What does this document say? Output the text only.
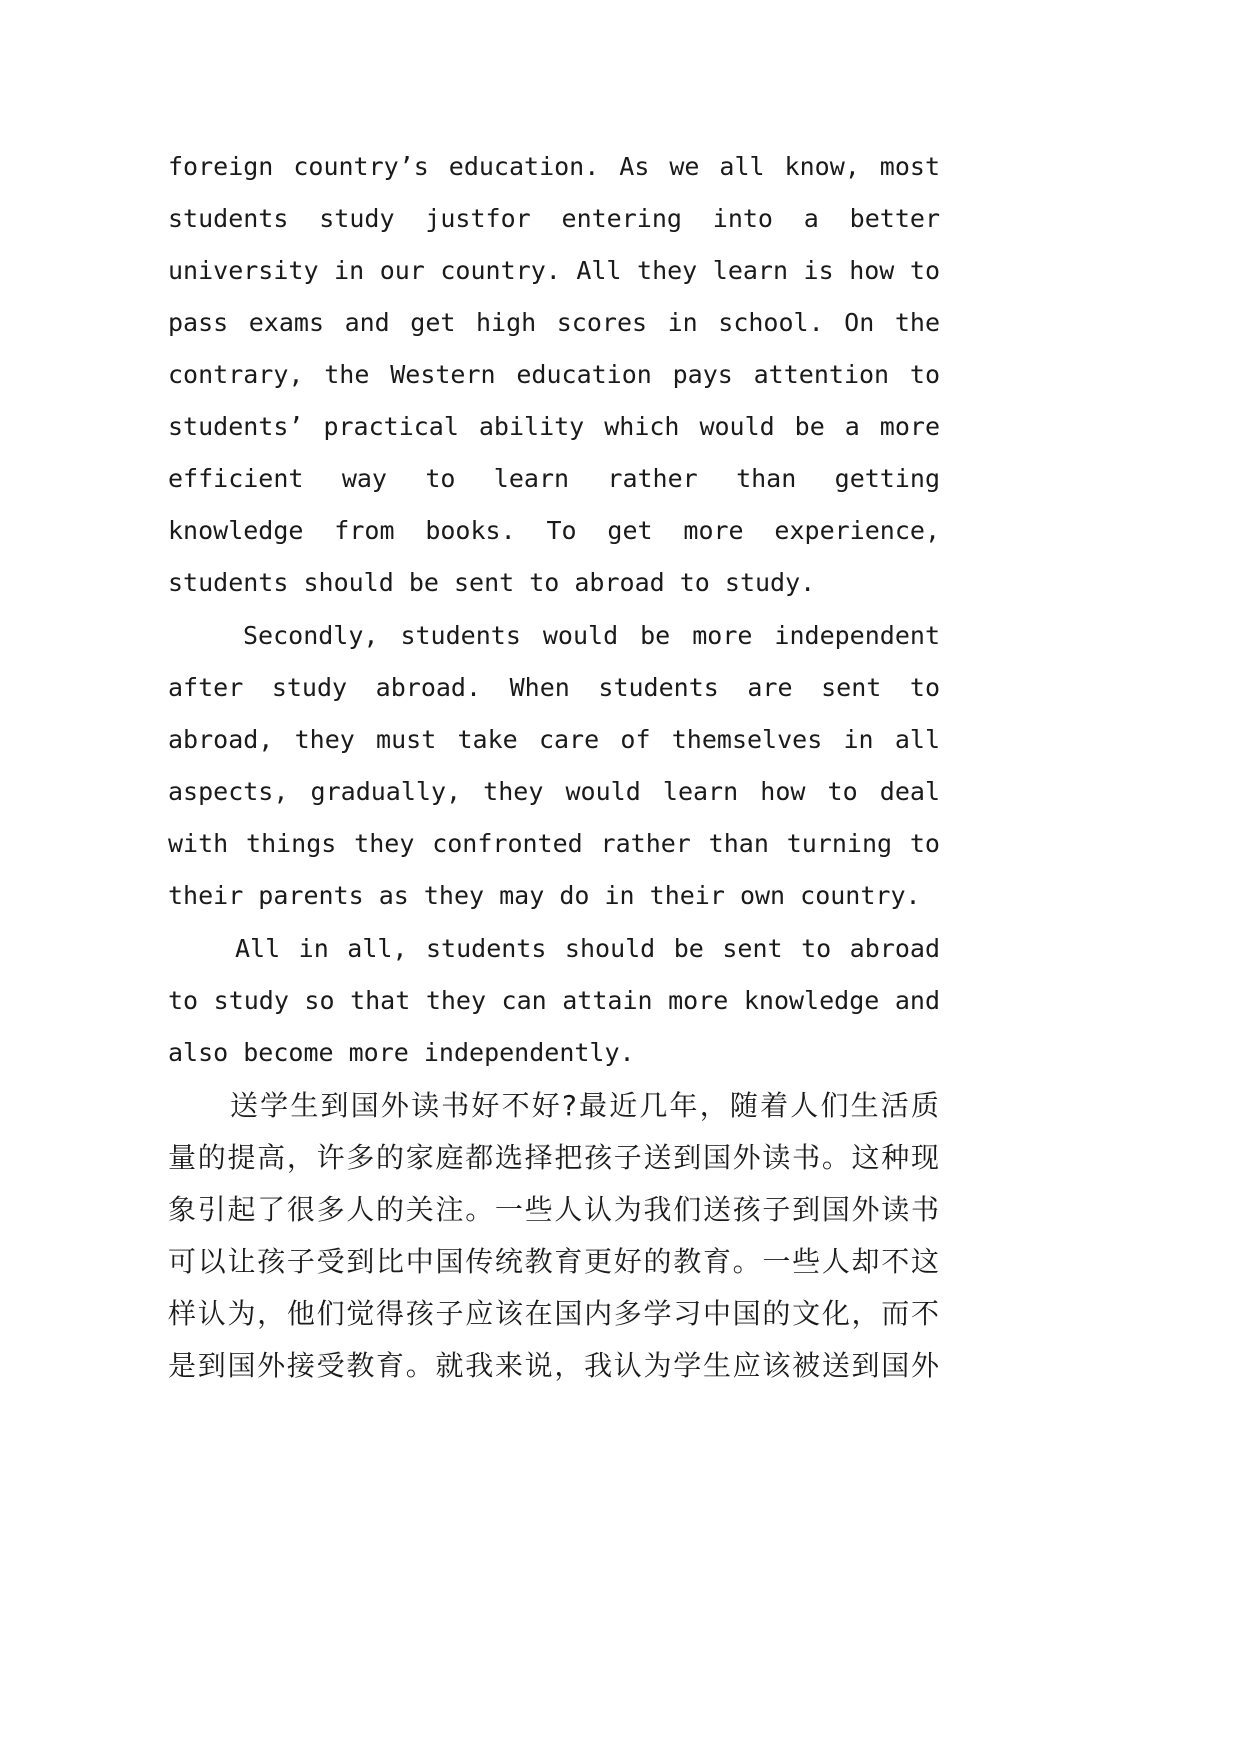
foreign country’s education. As we all know, most
students study justfor entering into a better
university in our country. All they learn is how to
pass exams and get high scores in school. On the
contrary, the Western education pays attention to
students’ practical ability which would be a more
efficient way to learn rather than getting
knowledge from books. To get more experience,
students should be sent to abroad to study.
Secondly, students would be more independent
after study abroad. When students are sent to
abroad, they must take care of themselves in all
aspects, gradually, they would learn how to deal
with things they confronted rather than turning to
their parents as they may do in their own country.
All in all, students should be sent to abroad
to study so that they can attain more knowledge and
also become more independently.
送学生到国外读书好不好?最近几年，随着人们生活质
量的提高，许多的家庭都选择把孩子送到国外读书。这种现
象引起了很多人的关注。一些人认为我们送孩子到国外读书
可以让孩子受到比中国传统教育更好的教育。一些人却不这
样认为，他们觉得孩子应该在国内多学习中国的文化，而不
是到国外接受教育。就我来说，我认为学生应该被送到国外
